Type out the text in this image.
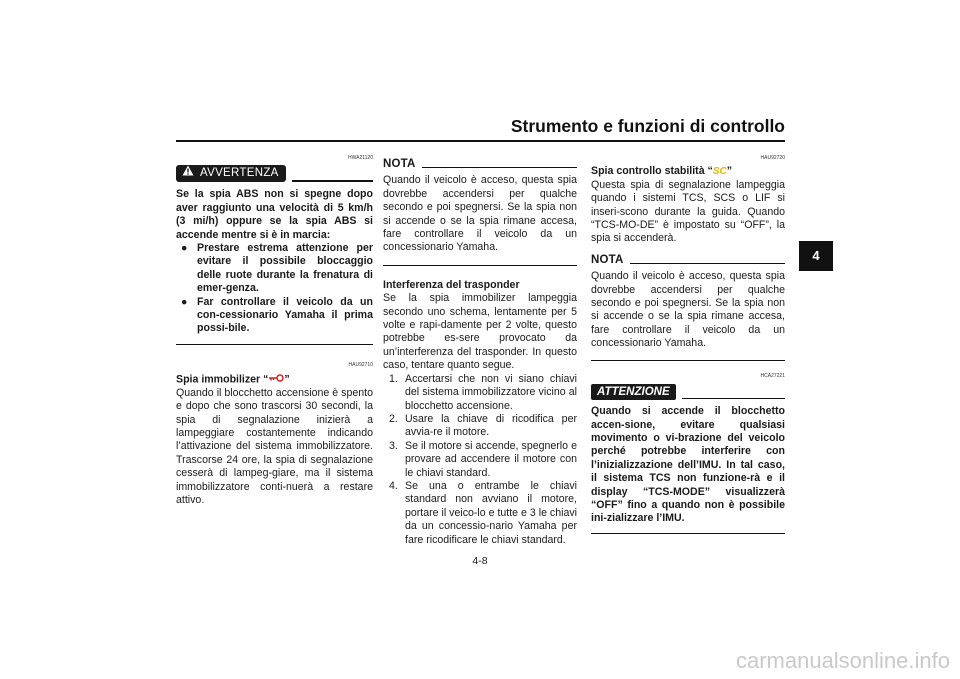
Strumento e funzioni di controllo
4
HWA21120
AVVERTENZA
Se la spia ABS non si spegne dopo aver raggiunto una velocità di 5 km/h (3 mi/h) oppure se la spia ABS si accende mentre si è in marcia:
● Prestare estrema attenzione per evitare il possibile bloccaggio delle ruote durante la frenatura di emer-genza.
● Far controllare il veicolo da un con-cessionario Yamaha il prima possi-bile.
HAU92710
Spia immobilizer “ ”
Quando il blocchetto accensione è spento e dopo che sono trascorsi 30 secondi, la spia di segnalazione inizierà a lampeggiare costantemente indicando l’attivazione del sistema immobilizzatore. Trascorse 24 ore, la spia di segnalazione cesserà di lampeg-giare, ma il sistema immobilizzatore conti-nuerà a restare attivo.
NOTA
Quando il veicolo è acceso, questa spia dovrebbe accendersi per qualche secondo e poi spegnersi. Se la spia non si accende o se la spia rimane accesa, fare controllare il veicolo da un concessionario Yamaha.
Interferenza del trasponder
Se la spia immobilizer lampeggia secondo uno schema, lentamente per 5 volte e rapi-damente per 2 volte, questo potrebbe es-sere provocato da un’interferenza del trasponder. In questo caso, tentare quanto segue.
1. Accertarsi che non vi siano chiavi del sistema immobilizzatore vicino al blocchetto accensione.
2. Usare la chiave di ricodifica per avvia-re il motore.
3. Se il motore si accende, spegnerlo e provare ad accendere il motore con le chiavi standard.
4. Se una o entrambe le chiavi standard non avviano il motore, portare il veico-lo e tutte e 3 le chiavi da un concessio-nario Yamaha per fare ricodificare le chiavi standard.
HAU92720
Spia controllo stabilità “SC”
Questa spia di segnalazione lampeggia quando i sistemi TCS, SCS o LIF si inseri-scono durante la guida. Quando “TCS-MO-DE” è impostato su “OFF”, la spia si accenderà.
NOTA
Quando il veicolo è acceso, questa spia dovrebbe accendersi per qualche secondo e poi spegnersi. Se la spia non si accende o se la spia rimane accesa, fare controllare il veicolo da un concessionario Yamaha.
HCA27221
ATTENZIONE
Quando si accende il blocchetto accen-sione, evitare qualsiasi movimento o vi-brazione del veicolo perché potrebbe interferire con l’inizializzazione dell’IMU. In tal caso, il sistema TCS non funzione-rà e il display “TCS-MODE” visualizzerà “OFF” fino a quando non è possibile ini-zializzare l’IMU.
4-8
carmanualsonline.info
